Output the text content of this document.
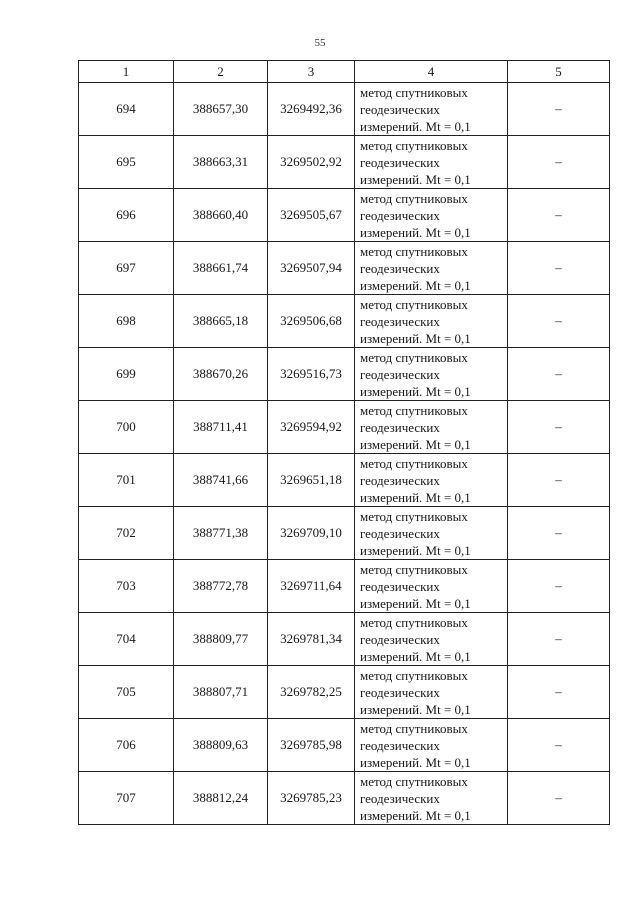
55
1	2	3	4	5
694	388657,30	3269492,36	метод спутниковых
геодезических
измерений. Mt = 0,1	–
695	388663,31	3269502,92	метод спутниковых
геодезических
измерений. Mt = 0,1	–
696	388660,40	3269505,67	метод спутниковых
геодезических
измерений. Mt = 0,1	–
697	388661,74	3269507,94	метод спутниковых
геодезических
измерений. Mt = 0,1	–
698	388665,18	3269506,68	метод спутниковых
геодезических
измерений. Mt = 0,1	–
699	388670,26	3269516,73	метод спутниковых
геодезических
измерений. Mt = 0,1	–
700	388711,41	3269594,92	метод спутниковых
геодезических
измерений. Mt = 0,1	–
701	388741,66	3269651,18	метод спутниковых
геодезических
измерений. Mt = 0,1	–
702	388771,38	3269709,10	метод спутниковых
геодезических
измерений. Mt = 0,1	–
703	388772,78	3269711,64	метод спутниковых
геодезических
измерений. Mt = 0,1	–
704	388809,77	3269781,34	метод спутниковых
геодезических
измерений. Mt = 0,1	–
705	388807,71	3269782,25	метод спутниковых
геодезических
измерений. Mt = 0,1	–
706	388809,63	3269785,98	метод спутниковых
геодезических
измерений. Mt = 0,1	–
707	388812,24	3269785,23	метод спутниковых
геодезических
измерений. Mt = 0,1	–
